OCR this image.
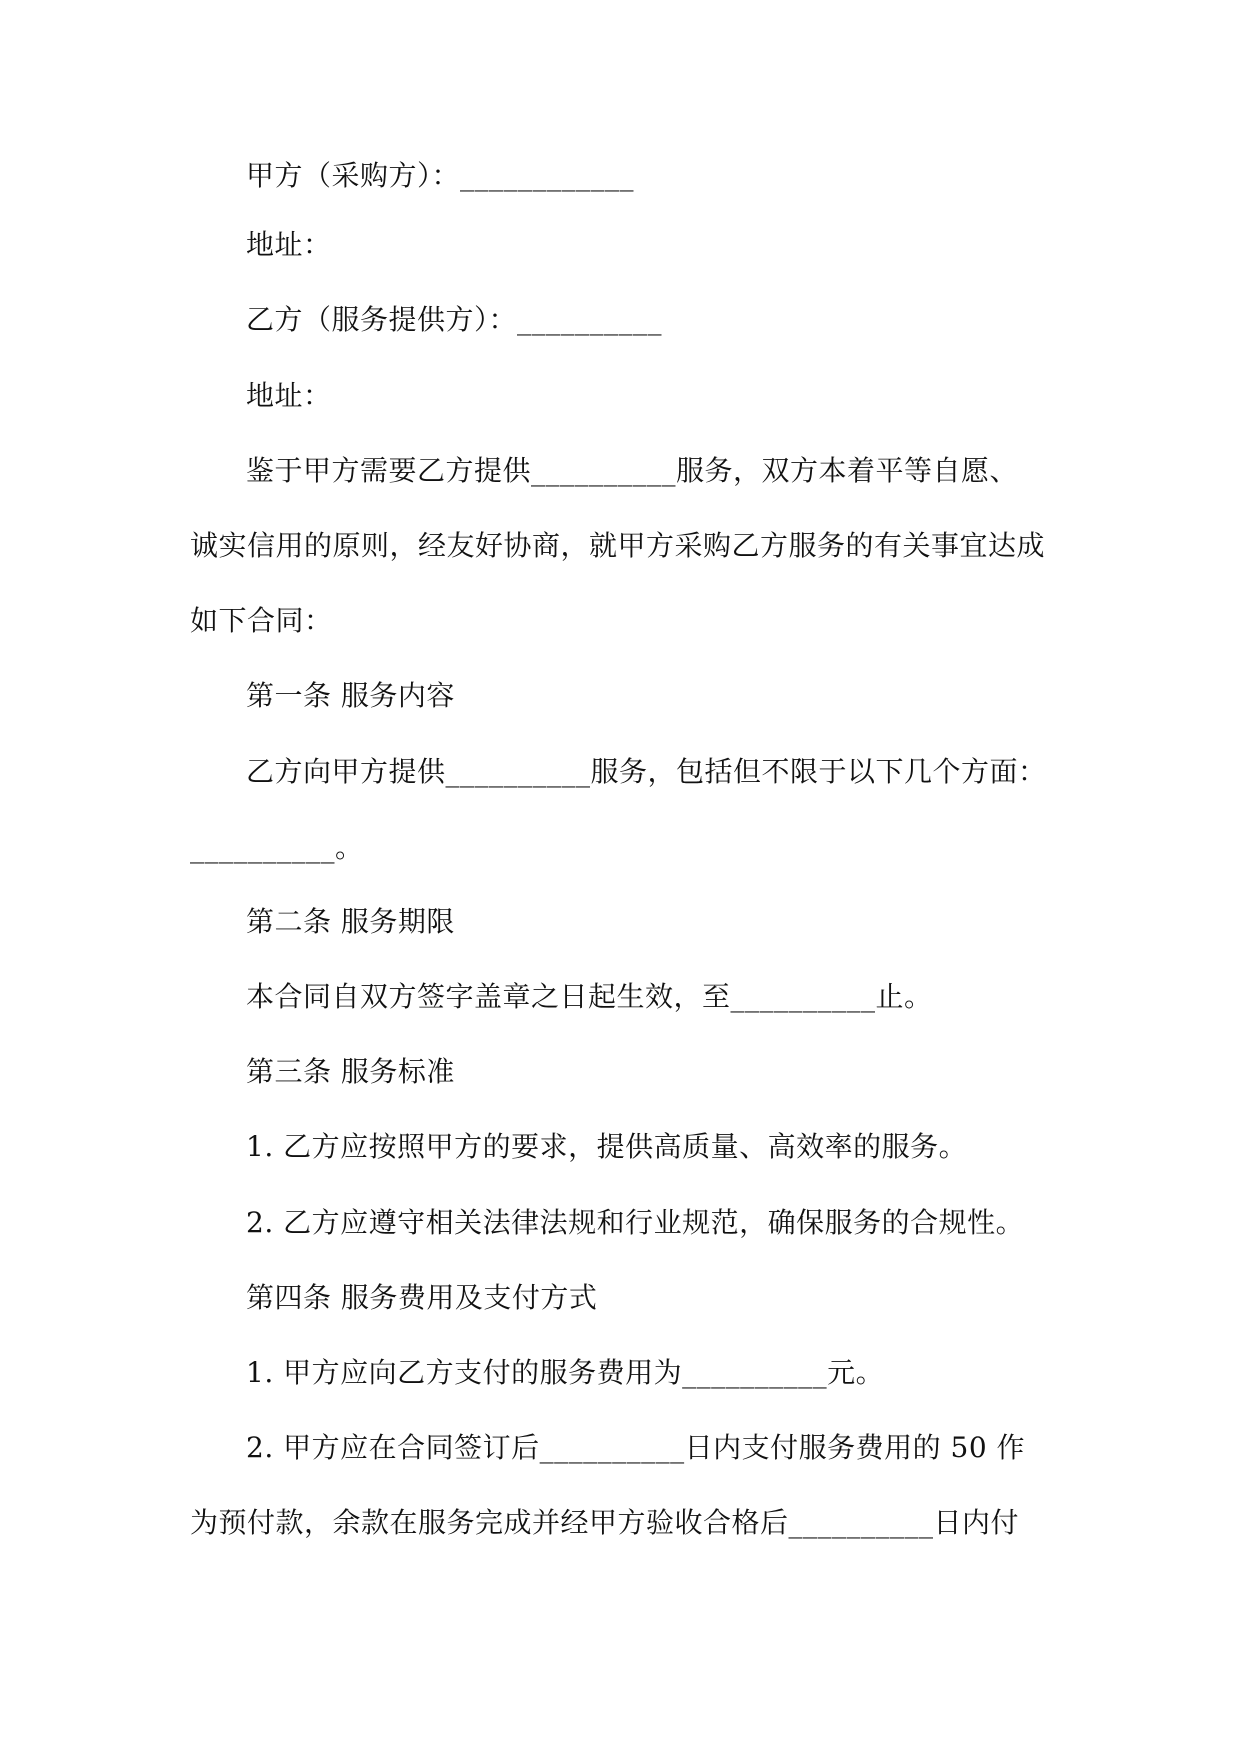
甲方（采购方）：____________
地址：
乙方（服务提供方）：__________
地址：
鉴于甲方需要乙方提供__________服务，双方本着平等自愿、
诚实信用的原则，经友好协商，就甲方采购乙方服务的有关事宜达成
如下合同：
第一条 服务内容
乙方向甲方提供__________服务，包括但不限于以下几个方面：
__________。
第二条 服务期限
本合同自双方签字盖章之日起生效，至__________止。
第三条 服务标准
1. 乙方应按照甲方的要求，提供高质量、高效率的服务。
2. 乙方应遵守相关法律法规和行业规范，确保服务的合规性。
第四条 服务费用及支付方式
1. 甲方应向乙方支付的服务费用为__________元。
2. 甲方应在合同签订后__________日内支付服务费用的 50 作
为预付款，余款在服务完成并经甲方验收合格后__________日内付
